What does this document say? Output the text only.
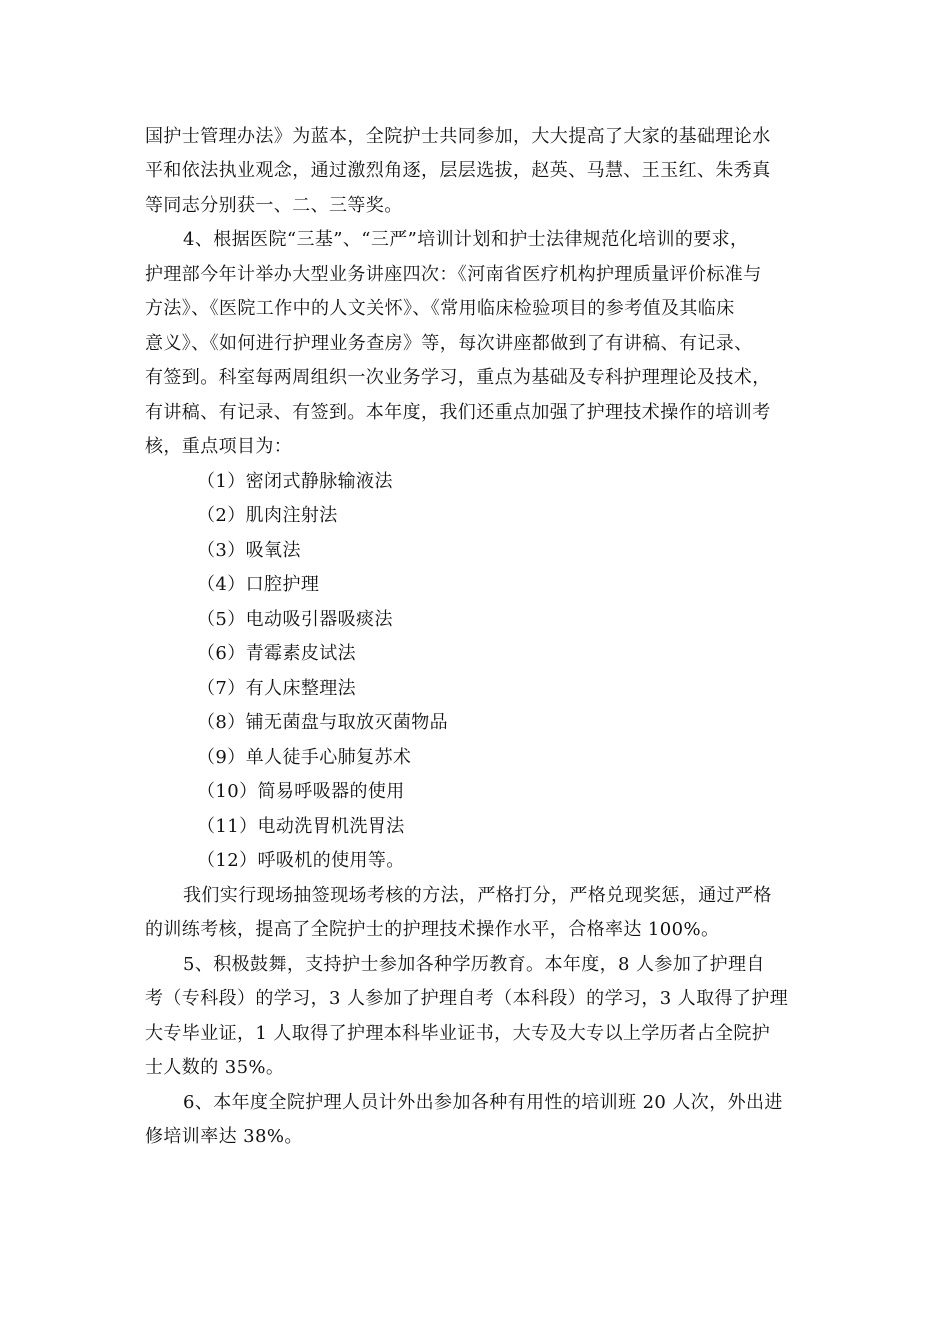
国护士管理办法》为蓝本，全院护士共同参加，大大提高了大家的基础理论水
平和依法执业观念，通过激烈角逐，层层选拔，赵英、马慧、王玉红、朱秀真
等同志分别获一、二、三等奖。
4、根据医院“三基”、“三严”培训计划和护士法律规范化培训的要求，
护理部今年计举办大型业务讲座四次：《河南省医疗机构护理质量评价标准与
方法》、《医院工作中的人文关怀》、《常用临床检验项目的参考值及其临床
意义》、《如何进行护理业务查房》等，每次讲座都做到了有讲稿、有记录、
有签到。科室每两周组织一次业务学习，重点为基础及专科护理理论及技术，
有讲稿、有记录、有签到。本年度，我们还重点加强了护理技术操作的培训考
核，重点项目为：
（1）密闭式静脉输液法
（2）肌肉注射法
（3）吸氧法
（4）口腔护理
（5）电动吸引器吸痰法
（6）青霉素皮试法
（7）有人床整理法
（8）铺无菌盘与取放灭菌物品
（9）单人徒手心肺复苏术
（10）简易呼吸器的使用
（11）电动洗胃机洗胃法
（12）呼吸机的使用等。
我们实行现场抽签现场考核的方法，严格打分，严格兑现奖惩，通过严格
的训练考核，提高了全院护士的护理技术操作水平，合格率达 100%。
5、积极鼓舞，支持护士参加各种学历教育。本年度，8 人参加了护理自
考（专科段）的学习，3 人参加了护理自考（本科段）的学习，3 人取得了护理
大专毕业证，1 人取得了护理本科毕业证书，大专及大专以上学历者占全院护
士人数的 35%。
6、本年度全院护理人员计外出参加各种有用性的培训班 20 人次，外出进
修培训率达 38%。
